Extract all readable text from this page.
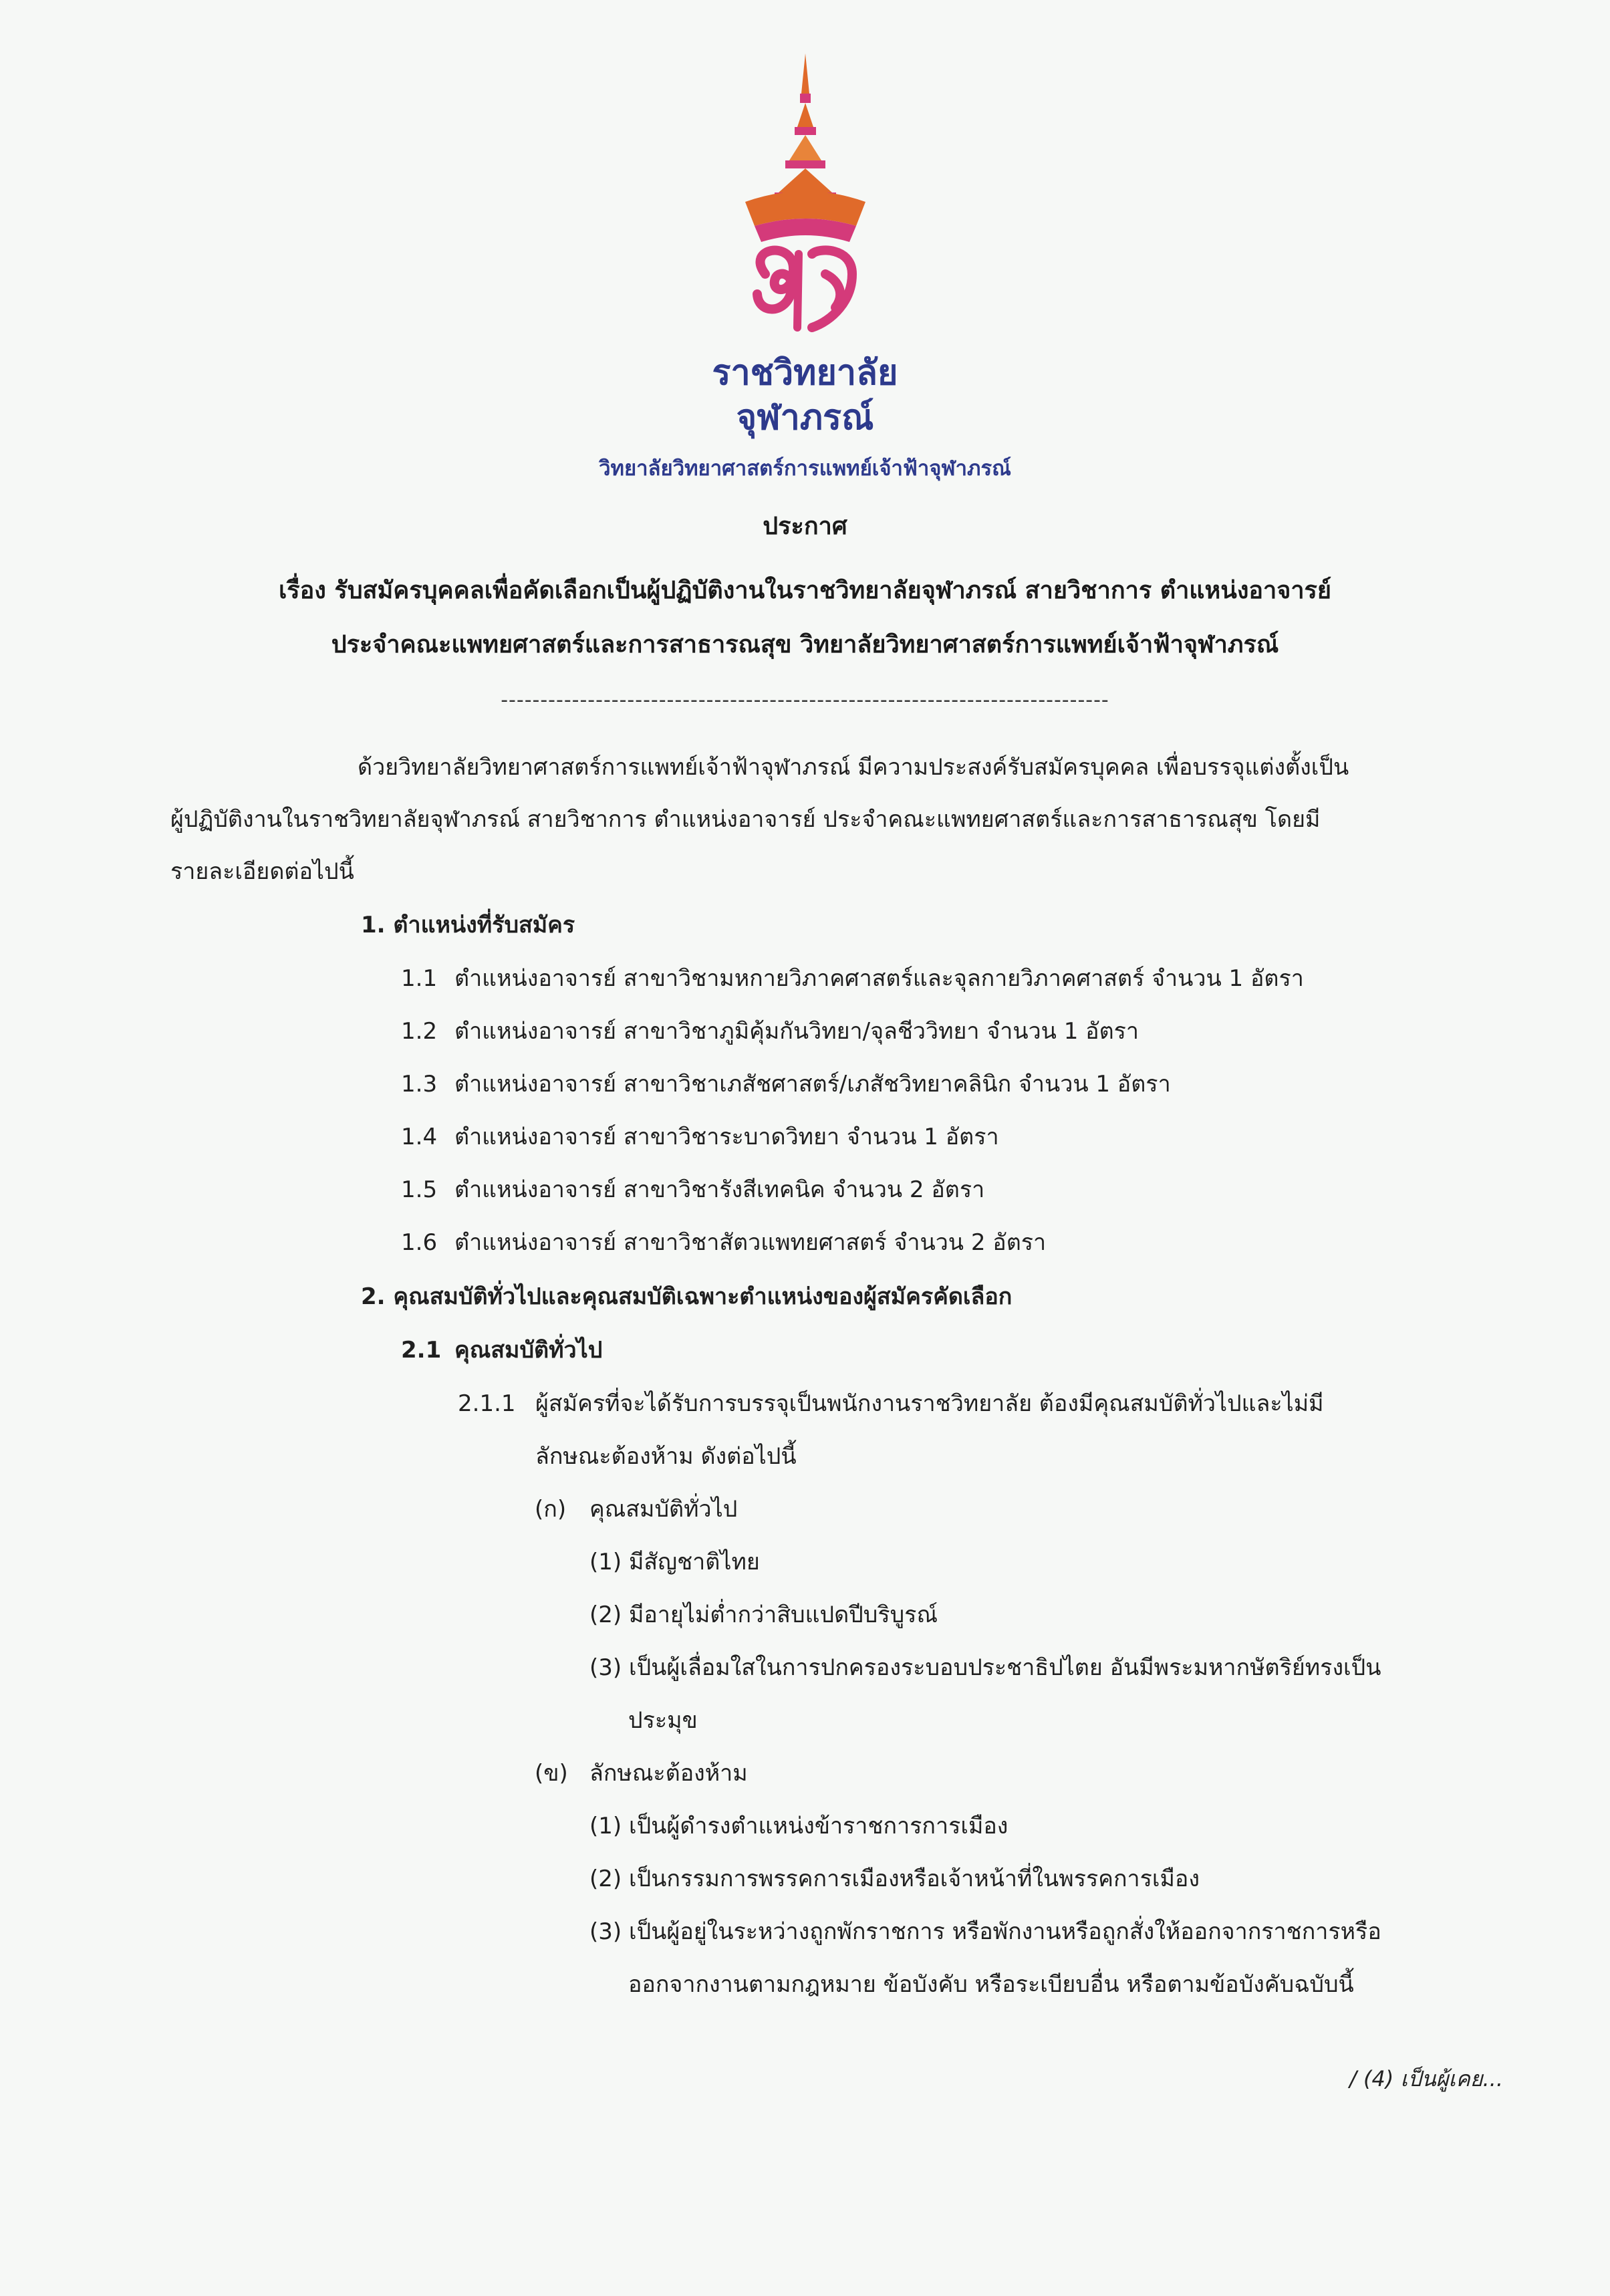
ราชวิทยาลัย
จุฬาภรณ์
วิทยาลัยวิทยาศาสตร์การแพทย์เจ้าฟ้าจุฬาภรณ์
ประกาศ
เรื่อง รับสมัครบุคคลเพื่อคัดเลือกเป็นผู้ปฏิบัติงานในราชวิทยาลัยจุฬาภรณ์ สายวิชาการ ตำแหน่งอาจารย์
ประจำคณะแพทยศาสตร์และการสาธารณสุข วิทยาลัยวิทยาศาสตร์การแพทย์เจ้าฟ้าจุฬาภรณ์
-----------------------------------------------------------------------------
ด้วยวิทยาลัยวิทยาศาสตร์การแพทย์เจ้าฟ้าจุฬาภรณ์ มีความประสงค์รับสมัครบุคคล เพื่อบรรจุแต่งตั้งเป็น
ผู้ปฏิบัติงานในราชวิทยาลัยจุฬาภรณ์ สายวิชาการ ตำแหน่งอาจารย์ ประจำคณะแพทยศาสตร์และการสาธารณสุข โดยมี
รายละเอียดต่อไปนี้
1. ตำแหน่งที่รับสมัคร
1.1 ตำแหน่งอาจารย์ สาขาวิชามหกายวิภาคศาสตร์และจุลกายวิภาคศาสตร์ จำนวน 1 อัตรา
1.2 ตำแหน่งอาจารย์ สาขาวิชาภูมิคุ้มกันวิทยา/จุลชีววิทยา จำนวน 1 อัตรา
1.3 ตำแหน่งอาจารย์ สาขาวิชาเภสัชศาสตร์/เภสัชวิทยาคลินิก จำนวน 1 อัตรา
1.4 ตำแหน่งอาจารย์ สาขาวิชาระบาดวิทยา จำนวน 1 อัตรา
1.5 ตำแหน่งอาจารย์ สาขาวิชารังสีเทคนิค จำนวน 2 อัตรา
1.6 ตำแหน่งอาจารย์ สาขาวิชาสัตวแพทยศาสตร์ จำนวน 2 อัตรา
2. คุณสมบัติทั่วไปและคุณสมบัติเฉพาะตำแหน่งของผู้สมัครคัดเลือก
2.1 คุณสมบัติทั่วไป
2.1.1 ผู้สมัครที่จะได้รับการบรรจุเป็นพนักงานราชวิทยาลัย ต้องมีคุณสมบัติทั่วไปและไม่มี
ลักษณะต้องห้าม ดังต่อไปนี้
(ก) คุณสมบัติทั่วไป
(1) มีสัญชาติไทย
(2) มีอายุไม่ต่ำกว่าสิบแปดปีบริบูรณ์
(3) เป็นผู้เลื่อมใสในการปกครองระบอบประชาธิปไตย อันมีพระมหากษัตริย์ทรงเป็น
ประมุข
(ข) ลักษณะต้องห้าม
(1) เป็นผู้ดำรงตำแหน่งข้าราชการการเมือง
(2) เป็นกรรมการพรรคการเมืองหรือเจ้าหน้าที่ในพรรคการเมือง
(3) เป็นผู้อยู่ในระหว่างถูกพักราชการ หรือพักงานหรือถูกสั่งให้ออกจากราชการหรือ
ออกจากงานตามกฎหมาย ข้อบังคับ หรือระเบียบอื่น หรือตามข้อบังคับฉบับนี้
/ (4) เป็นผู้เคย...
